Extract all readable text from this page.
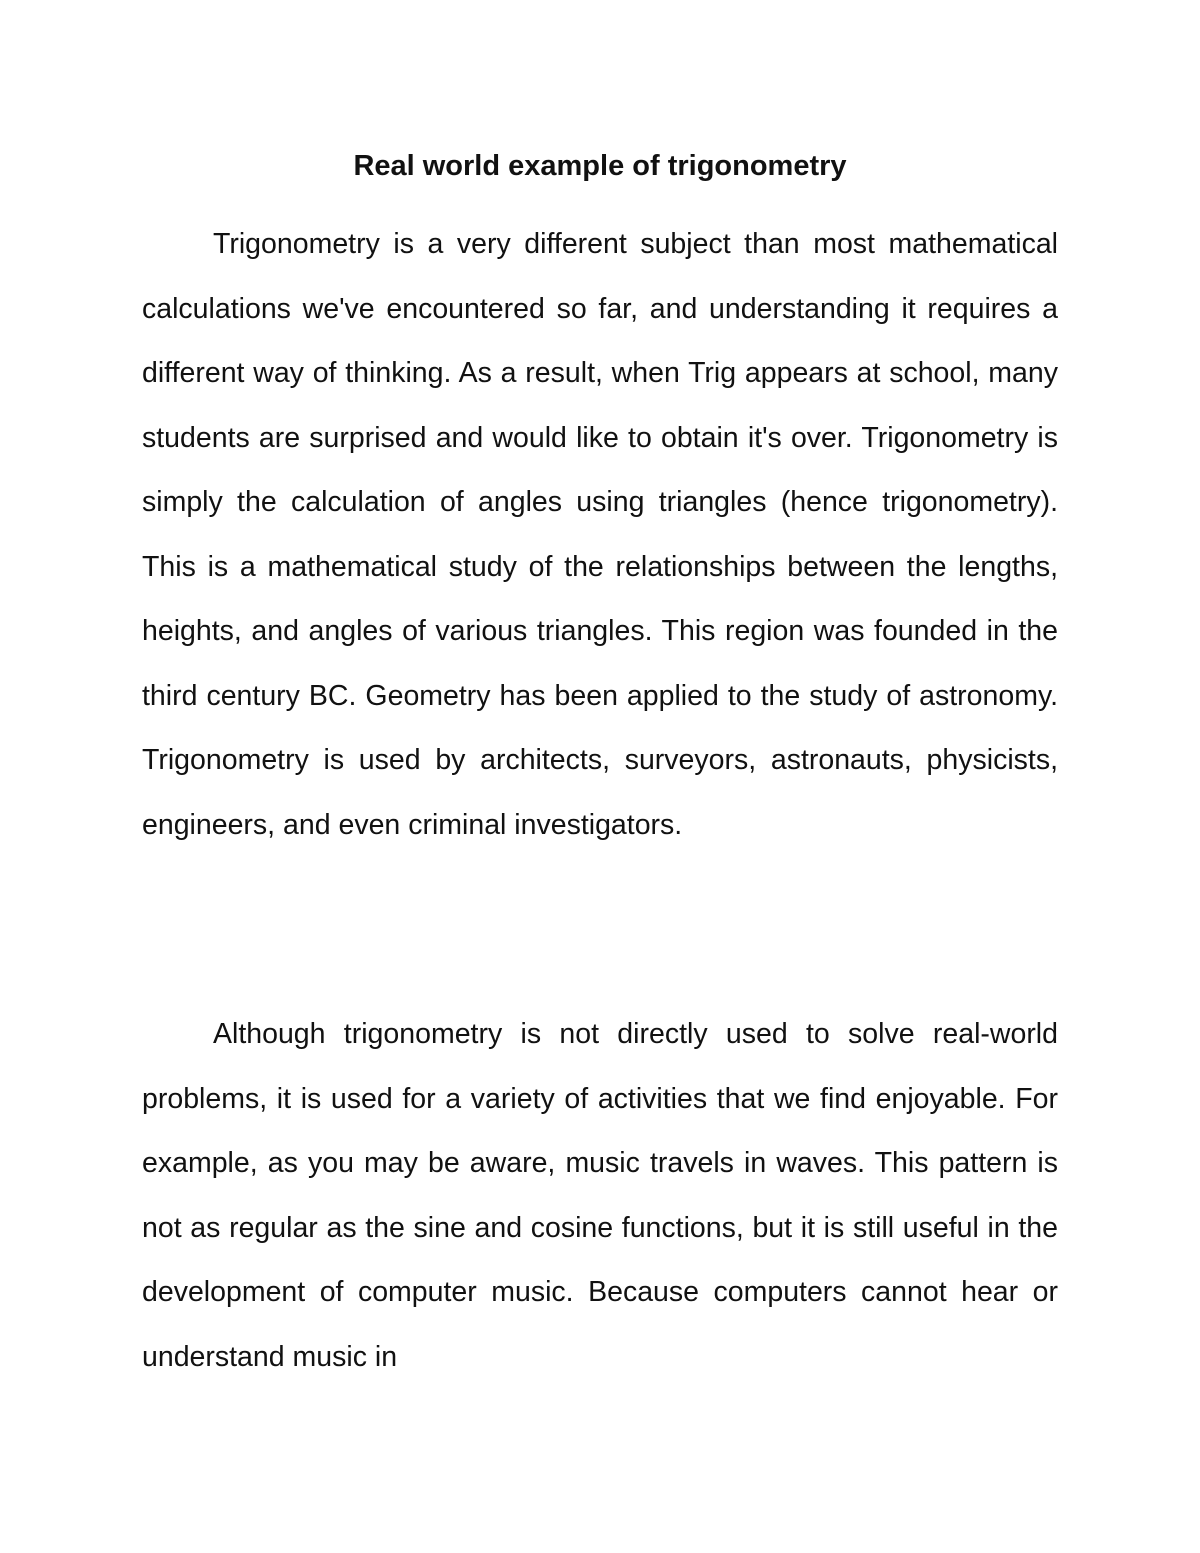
Real world example of trigonometry

Trigonometry is a very different subject than most mathematical calculations we've encountered so far, and understanding it requires a different way of thinking. As a result, when Trig appears at school, many students are surprised and would like to obtain it's over. Trigonometry is simply the calculation of angles using triangles (hence trigonometry). This is a mathematical study of the relationships between the lengths, heights, and angles of various triangles. This region was founded in the third century BC. Geometry has been applied to the study of astronomy. Trigonometry is used by architects, surveyors, astronauts, physicists, engineers, and even criminal investigators.

Although trigonometry is not directly used to solve real-world problems, it is used for a variety of activities that we find enjoyable. For example, as you may be aware, music travels in waves. This pattern is not as regular as the sine and cosine functions, but it is still useful in the development of computer music. Because computers cannot hear or understand music in
